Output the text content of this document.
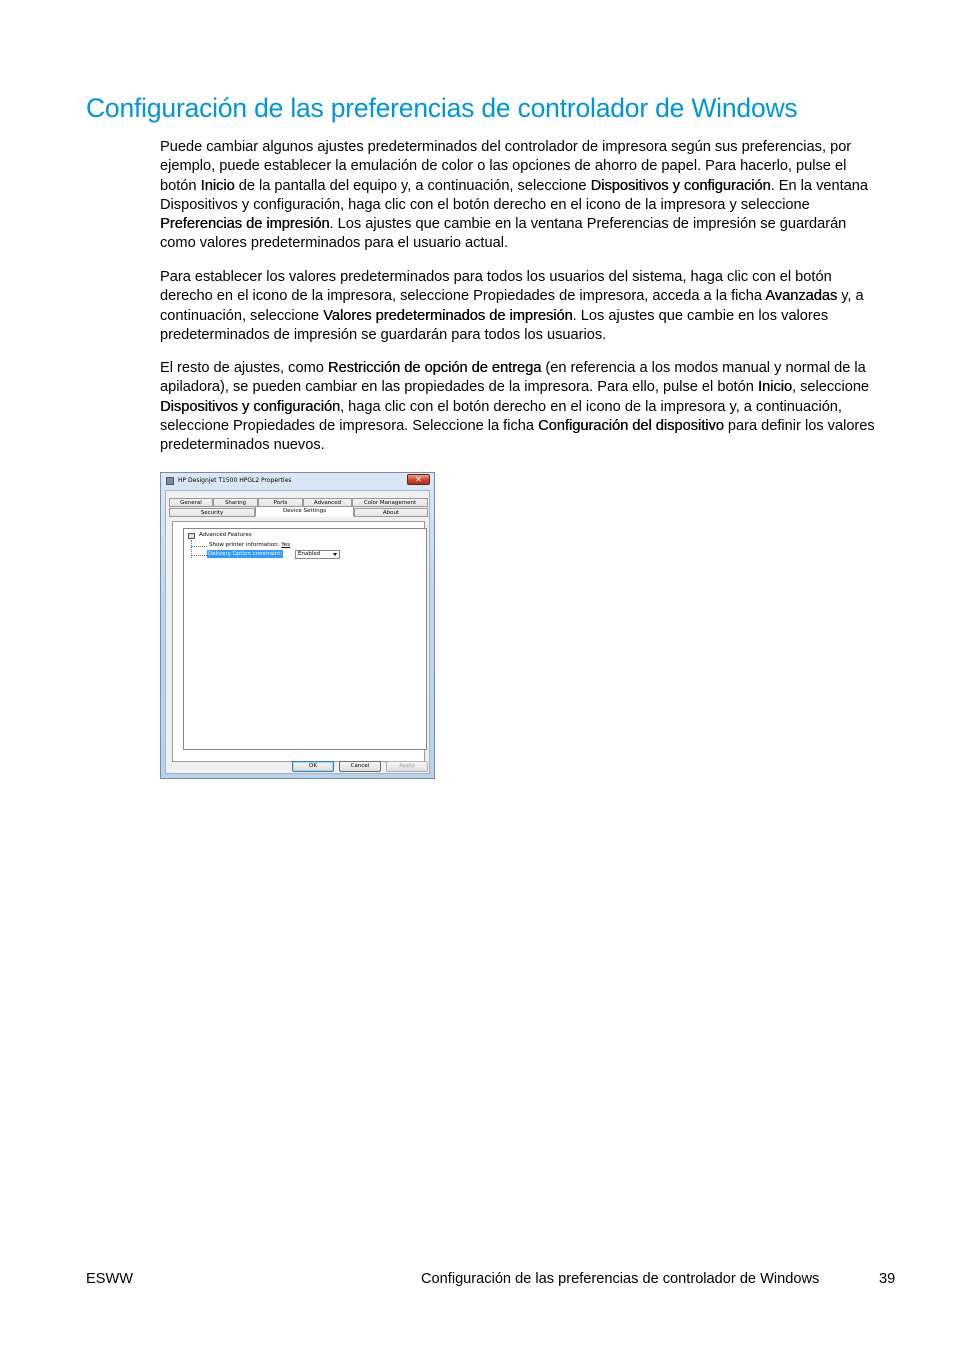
Configuración de las preferencias de controlador de Windows

Puede cambiar algunos ajustes predeterminados del controlador de impresora según sus preferencias, por ejemplo, puede establecer la emulación de color o las opciones de ahorro de papel. Para hacerlo, pulse el botón Inicio de la pantalla del equipo y, a continuación, seleccione Dispositivos y configuración. En la ventana Dispositivos y configuración, haga clic con el botón derecho en el icono de la impresora y seleccione Preferencias de impresión. Los ajustes que cambie en la ventana Preferencias de impresión se guardarán como valores predeterminados para el usuario actual.

Para establecer los valores predeterminados para todos los usuarios del sistema, haga clic con el botón derecho en el icono de la impresora, seleccione Propiedades de impresora, acceda a la ficha Avanzadas y, a continuación, seleccione Valores predeterminados de impresión. Los ajustes que cambie en los valores predeterminados de impresión se guardarán para todos los usuarios.

El resto de ajustes, como Restricción de opción de entrega (en referencia a los modos manual y normal de la apiladora), se pueden cambiar en las propiedades de la impresora. Para ello, pulse el botón Inicio, seleccione Dispositivos y configuración, haga clic con el botón derecho en el icono de la impresora y, a continuación, seleccione Propiedades de impresora. Seleccione la ficha Configuración del dispositivo para definir los valores predeterminados nuevos.

HP Designjet T1500 HPGL2 Properties	✕
General	Sharing	Ports	Advanced	Color Management
Security	Device Settings	About
Advanced Features
Show printer information: Yes
Delivery Option constraint:	Enabled
OK	Cancel	Apply
ESWW	Configuración de las preferencias de controlador de Windows	39
